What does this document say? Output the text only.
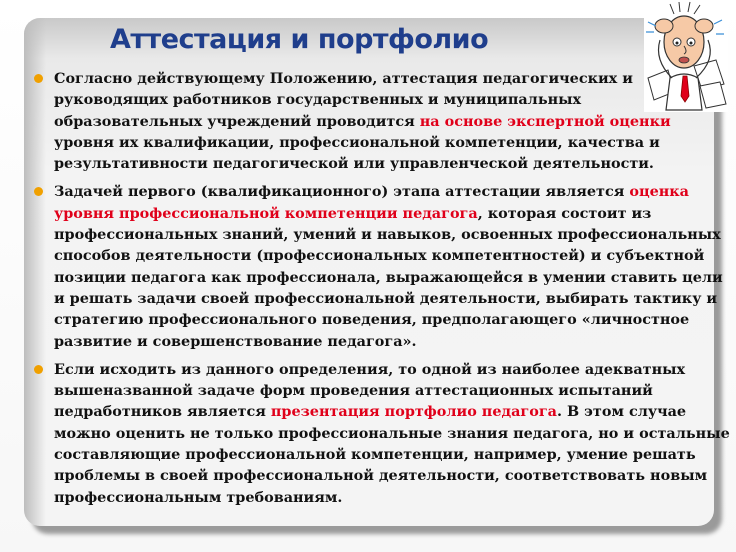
Аттестация и портфолио
Согласно действующему Положению, аттестация педагогических и
руководящих работников государственных и муниципальных
образовательных учреждений проводится на основе экспертной оценки
уровня их квалификации, профессиональной компетенции, качества и
результативности педагогической или управленческой деятельности.
Задачей первого (квалификационного) этапа аттестации является оценка
уровня профессиональной компетенции педагога, которая состоит из
профессиональных знаний, умений и навыков, освоенных профессиональных
способов деятельности (профессиональных компетентностей) и субъектной
позиции педагога как профессионала, выражающейся в умении ставить цели
и решать задачи своей профессиональной деятельности, выбирать тактику и
стратегию профессионального поведения, предполагающего «личностное
развитие и совершенствование педагога».
Если исходить из данного определения, то одной из наиболее адекватных
вышеназванной задаче форм проведения аттестационных испытаний
педработников является презентация портфолио педагога. В этом случае
можно оценить не только профессиональные знания педагога, но и остальные
составляющие профессиональной компетенции, например, умение решать
проблемы в своей профессиональной деятельности, соответствовать новым
профессиональным требованиям.
